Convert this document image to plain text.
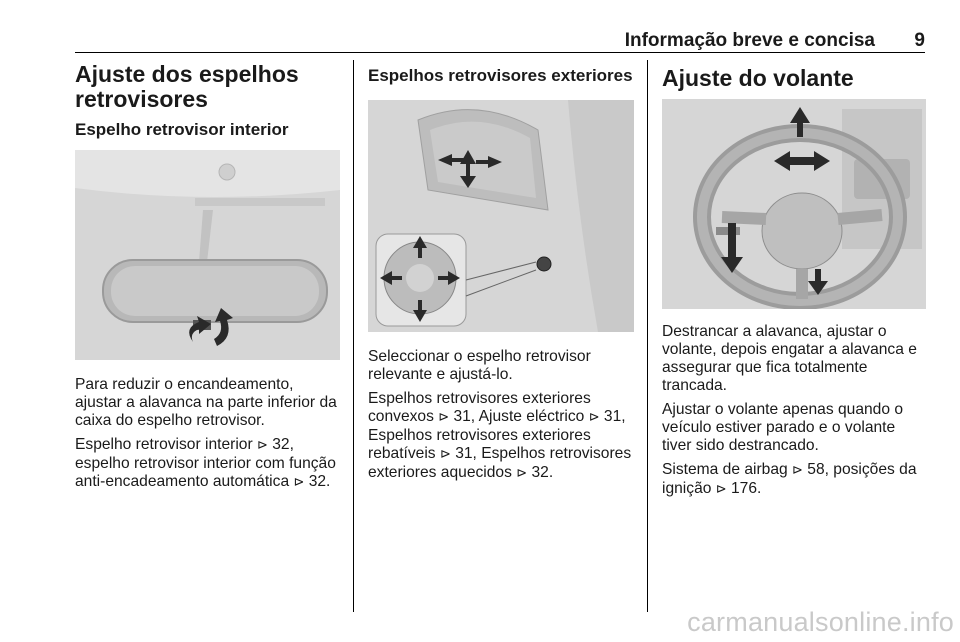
Informação breve e concisa 9
Ajuste dos espelhos retrovisores
Espelho retrovisor interior

Para reduzir o encandeamento, ajustar a alavanca na parte inferior da caixa do espelho retrovisor.

Espelho retrovisor interior ⊳ 32, espelho retrovisor interior com função anti-encadeamento automática ⊳ 32.

Espelhos retrovisores exteriores

Seleccionar o espelho retrovisor relevante e ajustá-lo.

Espelhos retrovisores exteriores convexos ⊳ 31, Ajuste eléctrico ⊳ 31, Espelhos retrovisores exteriores rebatíveis ⊳ 31, Espelhos retrovisores exteriores aquecidos ⊳ 32.

Ajuste do volante

Destrancar a alavanca, ajustar o volante, depois engatar a alavanca e assegurar que fica totalmente trancada.

Ajustar o volante apenas quando o veículo estiver parado e o volante tiver sido destrancado.

Sistema de airbag ⊳ 58, posições da ignição ⊳ 176.

carmanualsonline.info
